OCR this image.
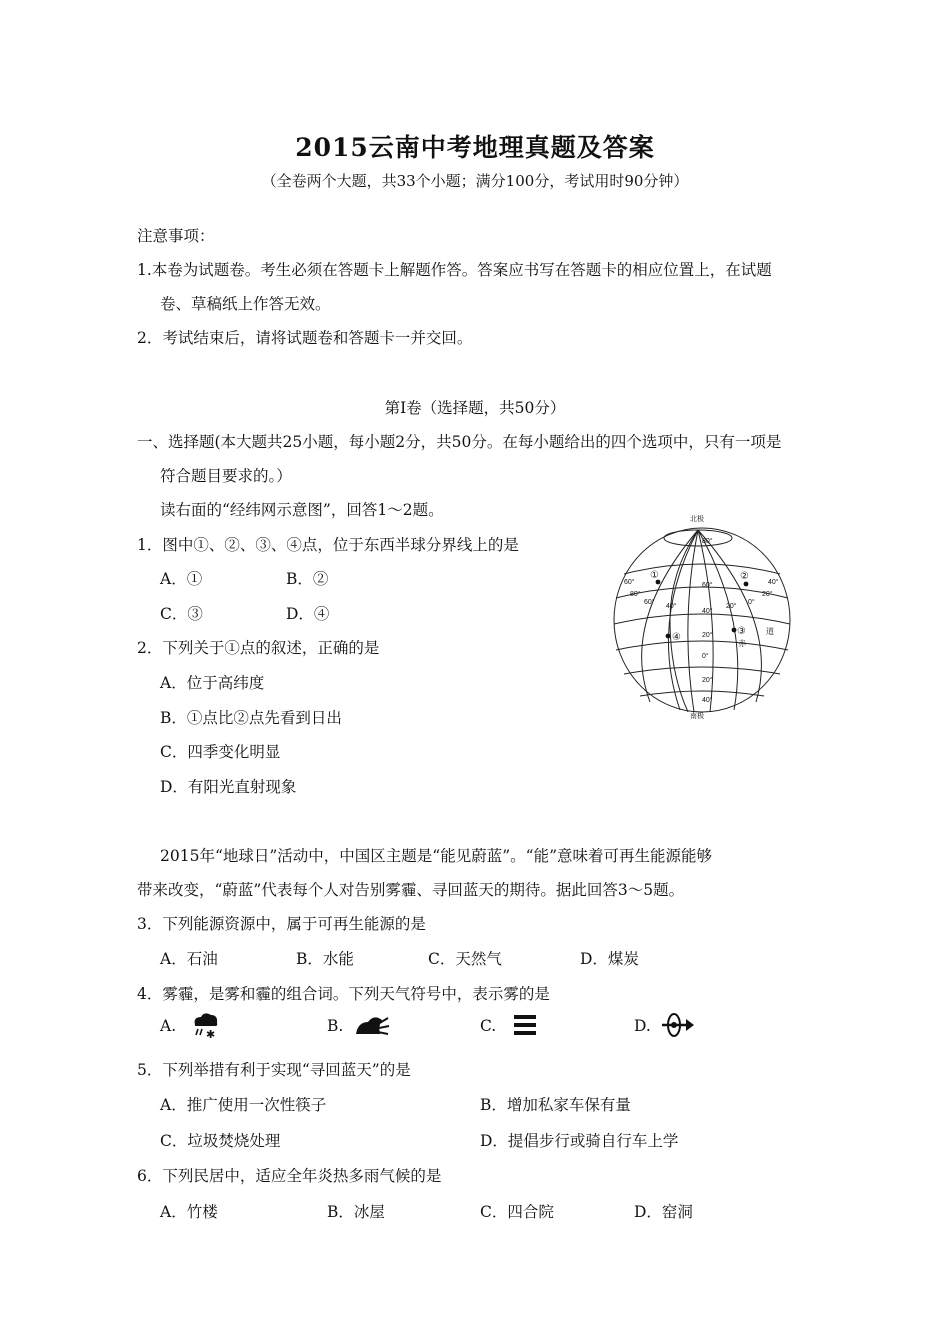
2015云南中考地理真题及答案
（全卷两个大题，共33个小题；满分100分，考试用时90分钟）
注意事项：
1.本卷为试题卷。考生必须在答题卡上解题作答。答案应书写在答题卡的相应位置上，在试题
卷、草稿纸上作答无效。
2．考试结束后，请将试题卷和答题卡一并交回。
第Ⅰ卷（选择题，共50分）
一、选择题(本大题共25小题，每小题2分，共50分。在每小题给出的四个选项中，只有一项是
符合题目要求的。）
读右面的“经纬网示意图”，回答1～2题。
北极
南极
80°
60°
40°
20°
0°
20°
40°
60°
80°
60°
40°	20°
0°
20°
40°
①	②
③
④
赤
道
1．图中①、②、③、④点，位于东西半球分界线上的是
A．①	B．②
C．③	D．④
2．下列关于①点的叙述，正确的是
A．位于高纬度
B．①点比②点先看到日出
C．四季变化明显
D．有阳光直射现象
2015年“地球日”活动中，中国区主题是“能见蔚蓝”。“能”意味着可再生能源能够
带来改变，“蔚蓝”代表每个人对告别雾霾、寻回蓝天的期待。据此回答3～5题。
3．下列能源资源中，属于可再生能源的是
A．石油	B．水能	C．天然气	D．煤炭
4．雾霾，是雾和霾的组合词。下列天气符号中，表示雾的是
A.	✱	B.	C.	D.
5．下列举措有利于实现“寻回蓝天”的是
A．推广使用一次性筷子	B．增加私家车保有量
C．垃圾焚烧处理	D．提倡步行或骑自行车上学
6．下列民居中，适应全年炎热多雨气候的是
A．竹楼	B．冰屋	C．四合院	D．窑洞
